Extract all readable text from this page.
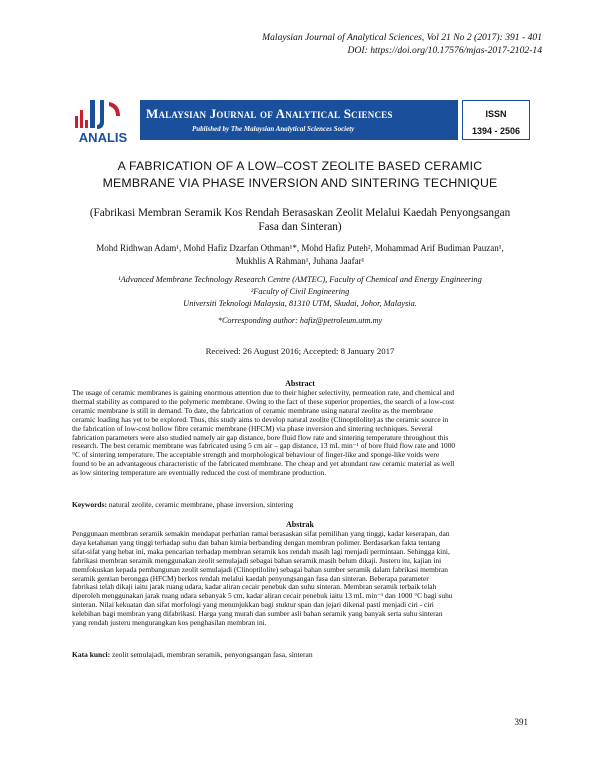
Malaysian Journal of Analytical Sciences, Vol 21 No 2 (2017): 391 - 401
DOI: https://doi.org/10.17576/mjas-2017-2102-14
ANALIS
Malaysian Journal of Analytical Sciences
Published by The Malaysian Analytical Sciences Society
ISSN
1394 - 2506
A FABRICATION OF A LOW–COST ZEOLITE BASED CERAMIC
MEMBRANE VIA PHASE INVERSION AND SINTERING TECHNIQUE
(Fabrikasi Membran Seramik Kos Rendah Berasaskan Zeolit Melalui Kaedah Penyongsangan
Fasa dan Sinteran)
Mohd Ridhwan Adam¹, Mohd Hafiz Dzarfan Othman¹*, Mohd Hafiz Puteh², Mohammad Arif Budiman Pauzan¹,
Mukhlis A Rahman¹, Juhana Jaafar¹
¹Advanced Membrane Technology Research Centre (AMTEC), Faculty of Chemical and Energy Engineering
²Faculty of Civil Engineering
Universiti Teknologi Malaysia, 81310 UTM, Skudai, Johor, Malaysia.
*Corresponding author: hafiz@petroleum.utm.my
Received: 26 August 2016; Accepted: 8 January 2017
Abstract
The usage of ceramic membranes is gaining enormous attention due to their higher selectivity, permeation rate, and chemical and
thermal stability as compared to the polymeric membrane. Owing to the fact of these superior properties, the search of a low-cost
ceramic membrane is still in demand. To date, the fabrication of ceramic membrane using natural zeolite as the membrane
ceramic loading has yet to be explored. Thus, this study aims to develop natural zeolite (Clinoptilolite) as the ceramic source in
the fabrication of low-cost hollow fibre ceramic membrane (HFCM) via phase inversion and sintering techniques. Several
fabrication parameters were also studied namely air gap distance, bore fluid flow rate and sintering temperature throughout this
research. The best ceramic membrane was fabricated using 5 cm air – gap distance, 13 mL min⁻¹ of bore fluid flow rate and 1000
°C of sintering temperature. The acceptable strength and morphological behaviour of finger-like and sponge-like voids were
found to be an advantageous characteristic of the fabricated membrane. The cheap and yet abundant raw ceramic material as well
as low sintering temperature are eventually reduced the cost of membrane production.
Keywords: natural zeolite, ceramic membrane, phase inversion, sintering
Abstrak
Penggunaan membran seramik semakin mendapat perhatian ramai berasaskan sifat pemilihan yang tinggi, kadar keserapan, dan
daya ketahanan yang tinggi terhadap suhu dan bahan kimia berbanding dengan membran polimer. Berdasarkan fakta tentang
sifat-sifat yang hebat ini, maka pencarian terhadap membran seramik kos rendah masih lagi menjadi permintaan. Sehingga kini,
fabrikasi membran seramik menggunakan zeolit semulajadi sebagai bahan seramik masih belum dikaji. Justeru itu, kajian ini
memfokuskan kepada pembangunan zeolit semulajadi (Clinoptilolite) sebagai bahan sumber seramik dalam fabrikasi membran
seramik gentian berongga (HFCM) berkos rendah melalui kaedah penyongsangan fasa dan sinteran. Beberapa parameter
fabrikasi telah dikaji iaitu jarak ruang udara, kadar aliran cecair penebuk dan suhu sinteran. Membran seramik terbaik telah
diperoleh menggunakan jarak ruang udara sebanyak 5 cm, kadar aliran cecair penebuk iaitu 13 mL min⁻¹ dan 1000 °C bagi suhu
sinteran. Nilai kekuatan dan sifat morfologi yang menunjukkan bagi stuktur span dan jejari dikenal pasti menjadi ciri - ciri
kelebihan bagi membran yang difabrikasi. Harga yang murah dan sumber asli bahan seramik yang banyak serta suhu sinteran
yang rendah justeru mengurangkan kos penghasilan membran ini.
Kata kunci: zeolit semulajadi, membran seramik, penyongsangan fasa, sinteran
391
